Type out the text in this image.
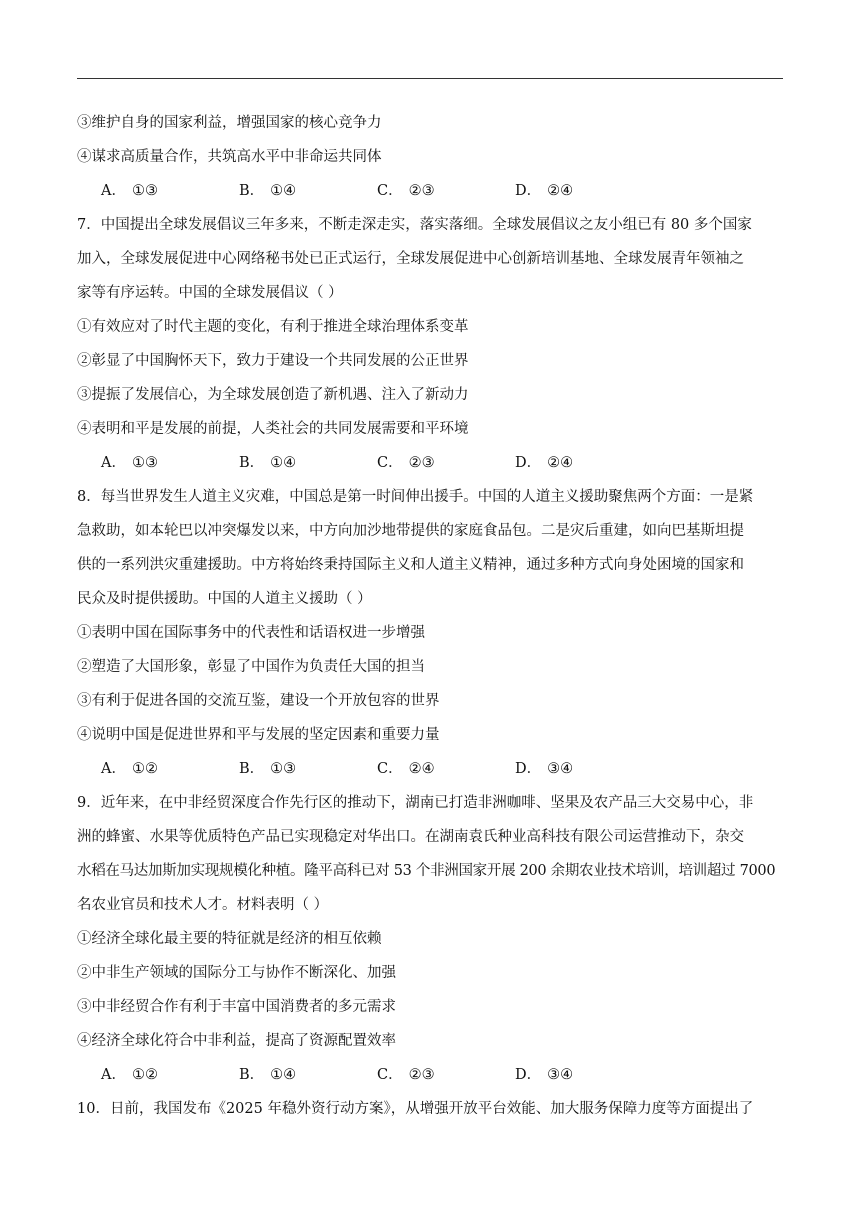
③维护自身的国家利益，增强国家的核心竞争力
④谋求高质量合作，共筑高水平中非命运共同体
A． ①③	B． ①④	C． ②③	D． ②④
7．中国提出全球发展倡议三年多来，不断走深走实，落实落细。全球发展倡议之友小组已有 80 多个国家
加入，全球发展促进中心网络秘书处已正式运行，全球发展促进中心创新培训基地、全球发展青年领袖之
家等有序运转。中国的全球发展倡议（ ）
①有效应对了时代主题的变化，有利于推进全球治理体系变革
②彰显了中国胸怀天下，致力于建设一个共同发展的公正世界
③提振了发展信心，为全球发展创造了新机遇、注入了新动力
④表明和平是发展的前提，人类社会的共同发展需要和平环境
A． ①③	B． ①④	C． ②③	D． ②④
8．每当世界发生人道主义灾难，中国总是第一时间伸出援手。中国的人道主义援助聚焦两个方面：一是紧
急救助，如本轮巴以冲突爆发以来，中方向加沙地带提供的家庭食品包。二是灾后重建，如向巴基斯坦提
供的一系列洪灾重建援助。中方将始终秉持国际主义和人道主义精神，通过多种方式向身处困境的国家和
民众及时提供援助。中国的人道主义援助（ ）
①表明中国在国际事务中的代表性和话语权进一步增强
②塑造了大国形象，彰显了中国作为负责任大国的担当
③有利于促进各国的交流互鉴，建设一个开放包容的世界
④说明中国是促进世界和平与发展的坚定因素和重要力量
A． ①②	B． ①③	C． ②④	D． ③④
9．近年来，在中非经贸深度合作先行区的推动下，湖南已打造非洲咖啡、坚果及农产品三大交易中心，非
洲的蜂蜜、水果等优质特色产品已实现稳定对华出口。在湖南袁氏种业高科技有限公司运营推动下，杂交
水稻在马达加斯加实现规模化种植。隆平高科已对 53 个非洲国家开展 200 余期农业技术培训，培训超过 7000
名农业官员和技术人才。材料表明（ ）
①经济全球化最主要的特征就是经济的相互依赖
②中非生产领域的国际分工与协作不断深化、加强
③中非经贸合作有利于丰富中国消费者的多元需求
④经济全球化符合中非利益，提高了资源配置效率
A． ①②	B． ①④	C． ②③	D． ③④
10．日前，我国发布《2025 年稳外资行动方案》，从增强开放平台效能、加大服务保障力度等方面提出了
